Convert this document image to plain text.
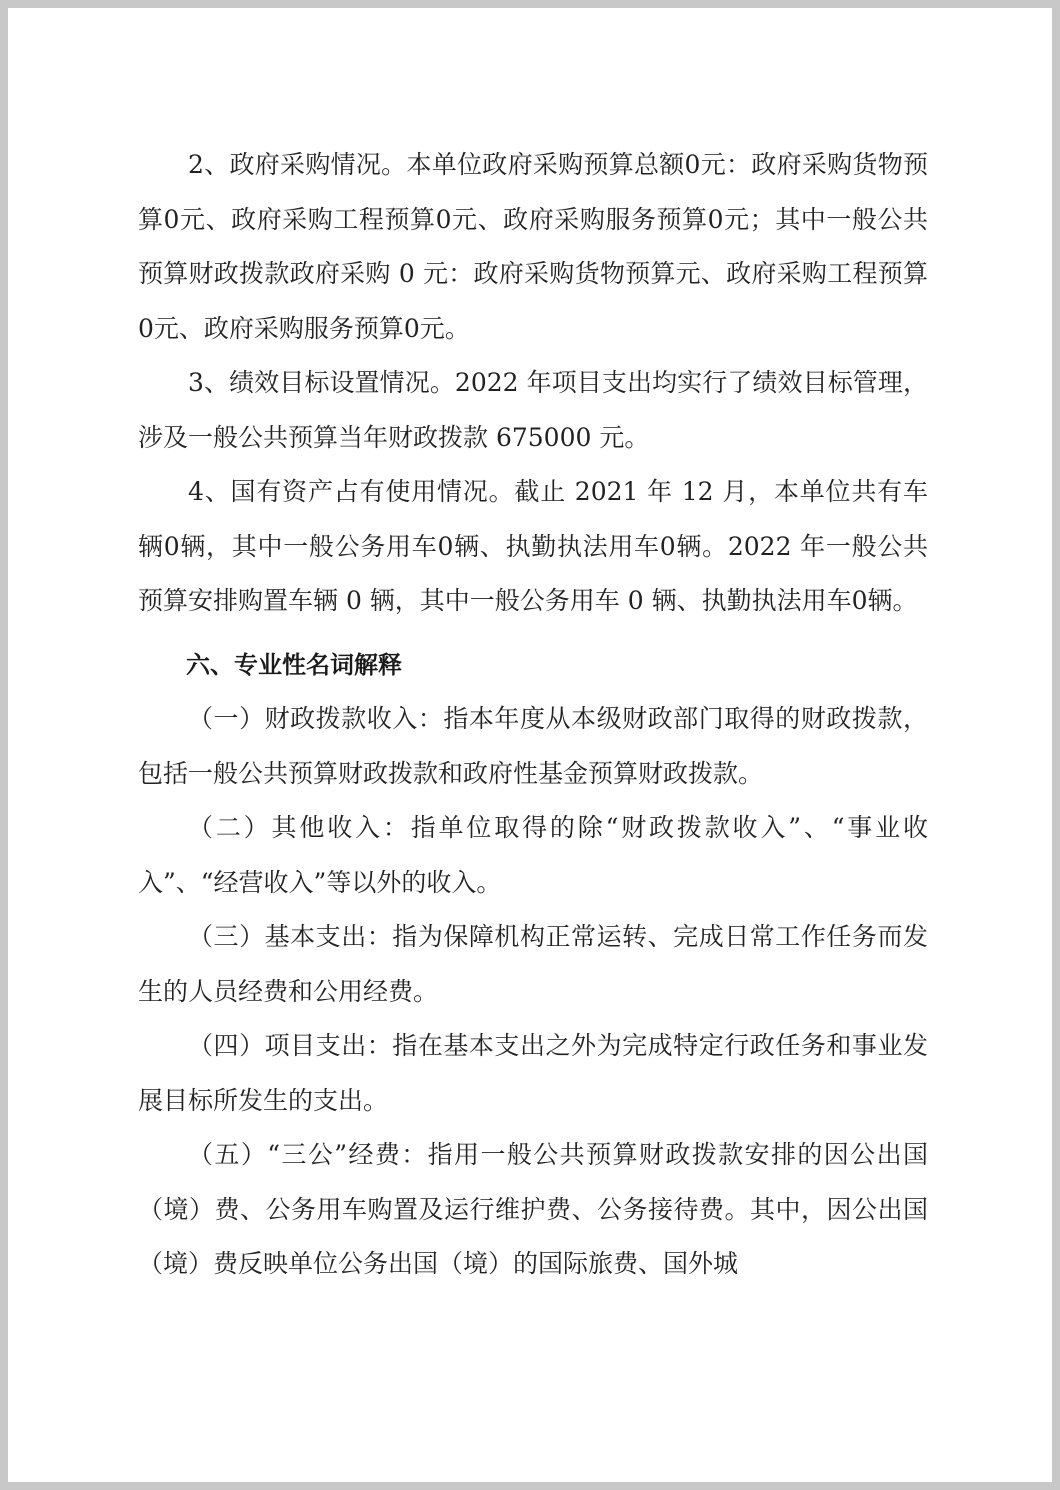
2、政府采购情况。本单位政府采购预算总额0元：政府采购货物预算0元、政府采购工程预算0元、政府采购服务预算0元；其中一般公共预算财政拨款政府采购 0 元：政府采购货物预算元、政府采购工程预算0元、政府采购服务预算0元。

3、绩效目标设置情况。2022 年项目支出均实行了绩效目标管理，涉及一般公共预算当年财政拨款 675000 元。

4、国有资产占有使用情况。截止 2021 年 12 月，本单位共有车辆0辆，其中一般公务用车0辆、执勤执法用车0辆。2022 年一般公共预算安排购置车辆 0 辆，其中一般公务用车 0 辆、执勤执法用车0辆。

六、专业性名词解释

（一）财政拨款收入：指本年度从本级财政部门取得的财政拨款，包括一般公共预算财政拨款和政府性基金预算财政拨款。

（二）其他收入：指单位取得的除“财政拨款收入”、“事业收入”、“经营收入”等以外的收入。

（三）基本支出：指为保障机构正常运转、完成日常工作任务而发生的人员经费和公用经费。

（四）项目支出：指在基本支出之外为完成特定行政任务和事业发展目标所发生的支出。

（五）“三公”经费：指用一般公共预算财政拨款安排的因公出国（境）费、公务用车购置及运行维护费、公务接待费。其中，因公出国（境）费反映单位公务出国（境）的国际旅费、国外城
